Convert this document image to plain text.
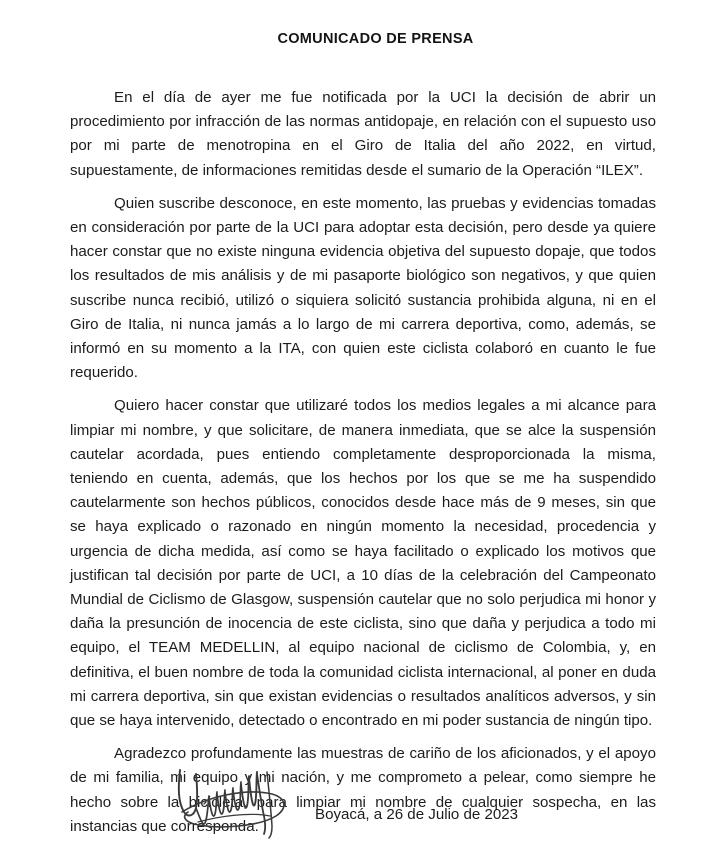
COMUNICADO DE PRENSA

En el día de ayer me fue notificada por la UCI la decisión de abrir un procedimiento por infracción de las normas antidopaje, en relación con el supuesto uso por mi parte de menotropina en el Giro de Italia del año 2022, en virtud, supuestamente, de informaciones remitidas desde el sumario de la Operación “ILEX”.

Quien suscribe desconoce, en este momento, las pruebas y evidencias tomadas en consideración por parte de la UCI para adoptar esta decisión, pero desde ya quiere hacer constar que no existe ninguna evidencia objetiva del supuesto dopaje, que todos los resultados de mis análisis y de mi pasaporte biológico son negativos, y que quien suscribe nunca recibió, utilizó o siquiera solicitó sustancia prohibida alguna, ni en el Giro de Italia, ni nunca jamás a lo largo de mi carrera deportiva, como, además, se informó en su momento a la ITA, con quien este ciclista colaboró en cuanto le fue requerido.

Quiero hacer constar que utilizaré todos los medios legales a mi alcance para limpiar mi nombre, y que solicitare, de manera inmediata, que se alce la suspensión cautelar acordada, pues entiendo completamente desproporcionada la misma, teniendo en cuenta, además, que los hechos por los que se me ha suspendido cautelarmente son hechos públicos, conocidos desde hace más de 9 meses, sin que se haya explicado o razonado en ningún momento la necesidad, procedencia y urgencia de dicha medida, así como se haya facilitado o explicado los motivos que justifican tal decisión por parte de UCI, a 10 días de la celebración del Campeonato Mundial de Ciclismo de Glasgow, suspensión cautelar que no solo perjudica mi honor y daña la presunción de inocencia de este ciclista, sino que daña y perjudica a todo mi equipo, el TEAM MEDELLIN, al equipo nacional de ciclismo de Colombia, y, en definitiva, el buen nombre de toda la comunidad ciclista internacional, al poner en duda mi carrera deportiva, sin que existan evidencias o resultados analíticos adversos, y sin que se haya intervenido, detectado o encontrado en mi poder sustancia de ningún tipo.

Agradezco profundamente las muestras de cariño de los aficionados, y el apoyo de mi familia, mi equipo y mi nación, y me comprometo a pelear, como siempre he hecho sobre la bicicleta, para limpiar mi nombre de cualquier sospecha, en las instancias que corresponda.

Boyacá, a 26 de Julio de 2023
